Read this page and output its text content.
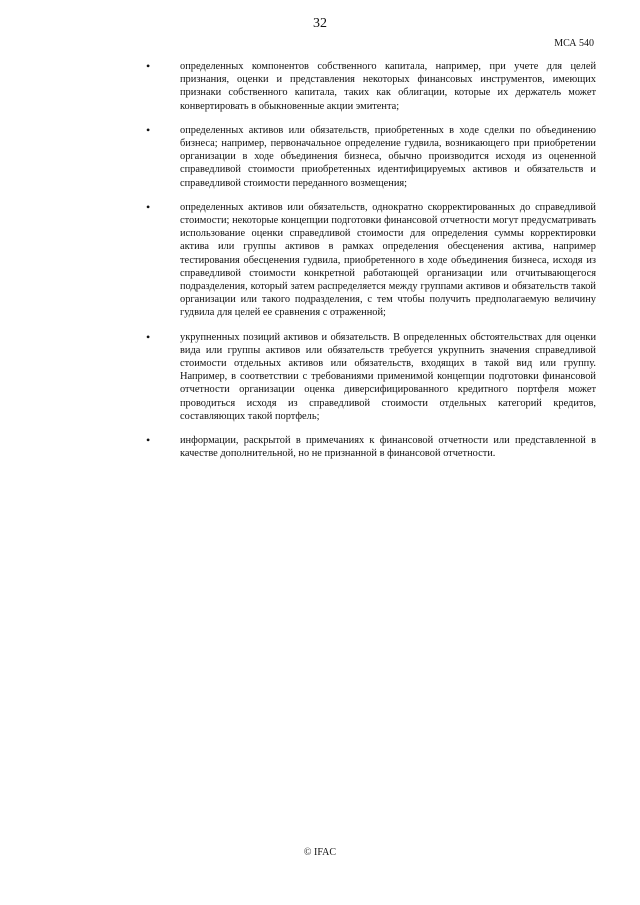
32
МСА 540
•	определенных компонентов собственного капитала, например, при учете для целей признания, оценки и представления некоторых финансовых инструментов, имеющих признаки собственного капитала, таких как облигации, которые их держатель может конвертировать в обыкновенные акции эмитента;
•	определенных активов или обязательств, приобретенных в ходе сделки по объединению бизнеса; например, первоначальное определение гудвила, возникающего при приобретении организации в ходе объединения бизнеса, обычно производится исходя из оцененной справедливой стоимости приобретенных идентифицируемых активов и обязательств и справедливой стоимости переданного возмещения;
•	определенных активов или обязательств, однократно скорректированных до справедливой стоимости; некоторые концепции подготовки финансовой отчетности могут предусматривать использование оценки справедливой стоимости для определения суммы корректировки актива или группы активов в рамках определения обесценения актива, например тестирования обесценения гудвила, приобретенного в ходе объединения бизнеса, исходя из справедливой стоимости конкретной работающей организации или отчитывающегося подразделения, который затем распределяется между группами активов и обязательств такой организации или такого подразделения, с тем чтобы получить предполагаемую величину гудвила для целей ее сравнения с отраженной;
•	укрупненных позиций активов и обязательств. В определенных обстоятельствах для оценки вида или группы активов или обязательств требуется укрупнить значения справедливой стоимости отдельных активов или обязательств, входящих в такой вид или группу. Например, в соответствии с требованиями применимой концепции подготовки финансовой отчетности организации оценка диверсифицированного кредитного портфеля может проводиться исходя из справедливой стоимости отдельных категорий кредитов, составляющих такой портфель;
•	информации, раскрытой в примечаниях к финансовой отчетности или представленной в качестве дополнительной, но не признанной в финансовой отчетности.
© IFAC
